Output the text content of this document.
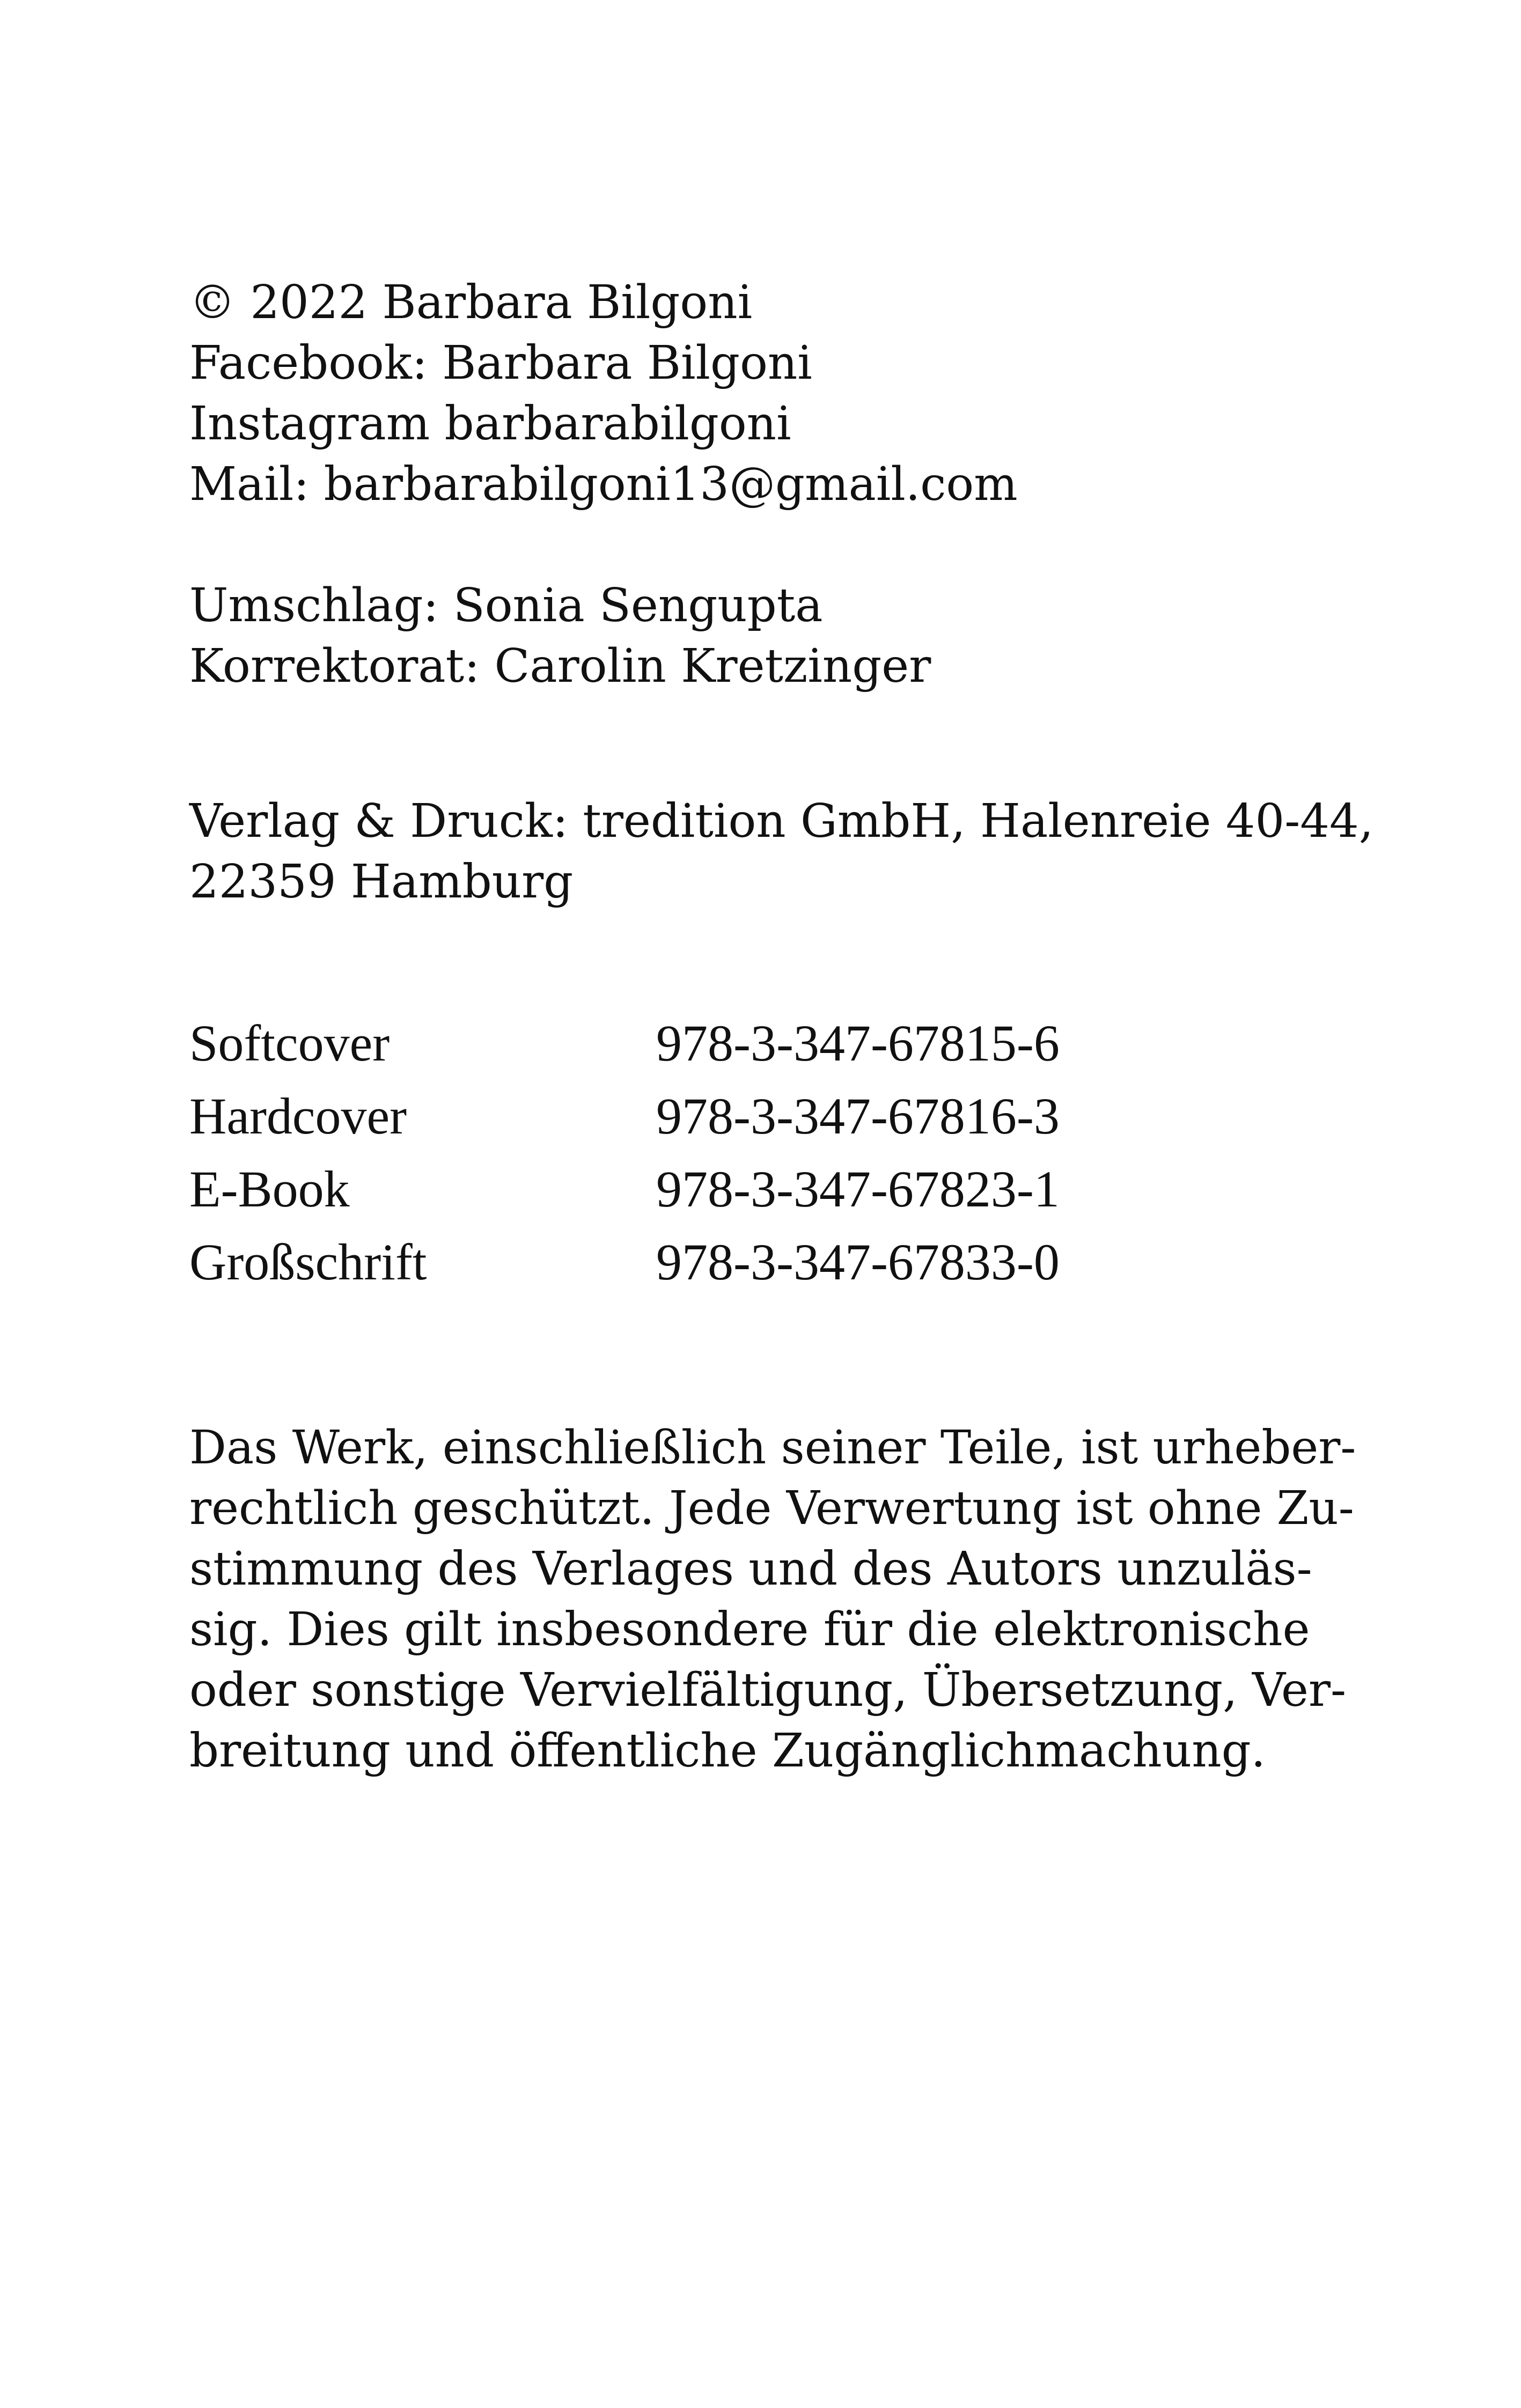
© 2022 Barbara Bilgoni
Facebook: Barbara Bilgoni
Instagram barbarabilgoni
Mail: barbarabilgoni13@gmail.com
Umschlag: Sonia Sengupta
Korrektorat: Carolin Kretzinger
Verlag & Druck: tredition GmbH, Halenreie 40-44,
22359 Hamburg
Softcover	978-3-347-67815-6
Hardcover	978-3-347-67816-3
E-Book	978-3-347-67823-1
Großschrift	978-3-347-67833-0
Das Werk, einschließlich seiner Teile, ist urheber-
rechtlich geschützt. Jede Verwertung ist ohne Zu-
stimmung des Verlages und des Autors unzuläs-
sig. Dies gilt insbesondere für die elektronische
oder sonstige Vervielfältigung, Übersetzung, Ver-
breitung und öffentliche Zugänglichmachung.
